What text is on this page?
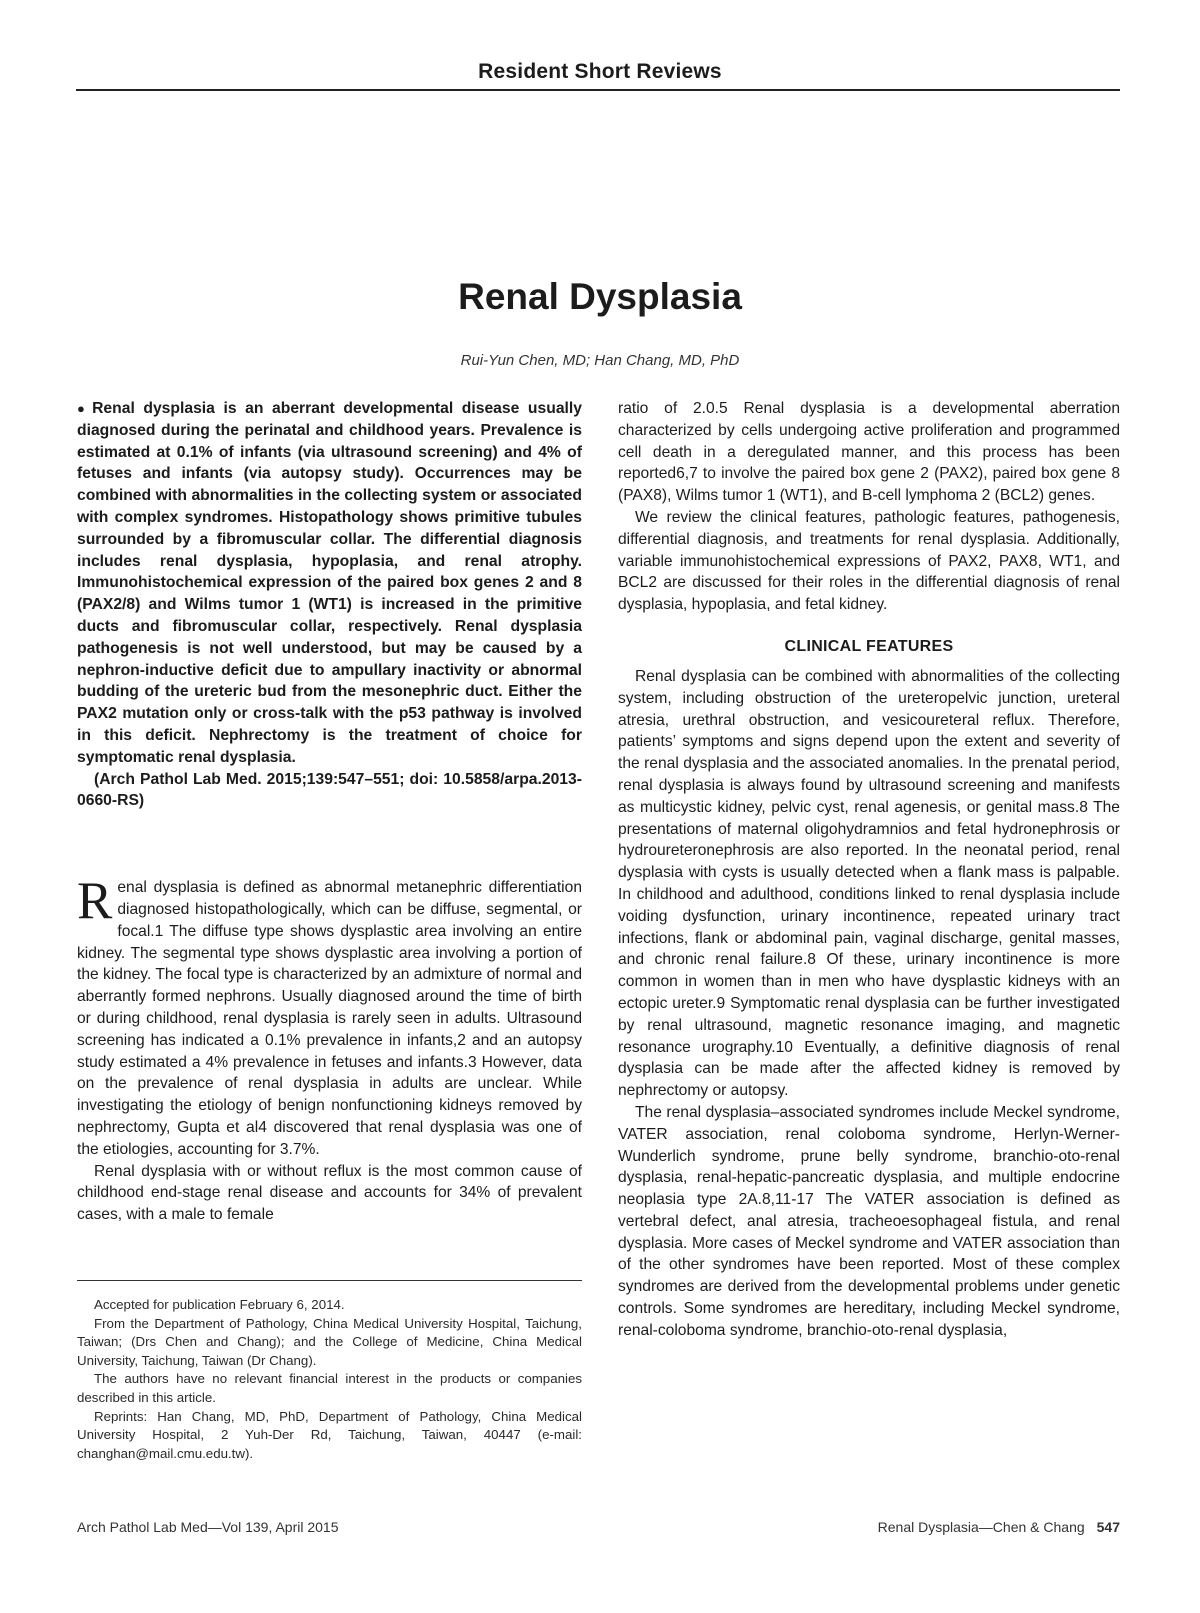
Resident Short Reviews
Renal Dysplasia
Rui-Yun Chen, MD; Han Chang, MD, PhD

● Renal dysplasia is an aberrant developmental disease usually diagnosed during the perinatal and childhood years. Prevalence is estimated at 0.1% of infants (via ultrasound screening) and 4% of fetuses and infants (via autopsy study). Occurrences may be combined with abnormalities in the collecting system or associated with complex syndromes. Histopathology shows primitive tubules surrounded by a fibromuscular collar. The differential diagnosis includes renal dysplasia, hypoplasia, and renal atrophy. Immunohistochemical expression of the paired box genes 2 and 8 (PAX2/8) and Wilms tumor 1 (WT1) is increased in the primitive ducts and fibromuscular collar, respectively. Renal dysplasia pathogenesis is not well understood, but may be caused by a nephron-inductive deficit due to ampullary inactivity or abnormal budding of the ureteric bud from the mesonephric duct. Either the PAX2 mutation only or cross-talk with the p53 pathway is involved in this deficit. Nephrectomy is the treatment of choice for symptomatic renal dysplasia.

(Arch Pathol Lab Med. 2015;139:547–551; doi: 10.5858/arpa.2013-0660-RS)

Renal dysplasia is defined as abnormal metanephric differentiation diagnosed histopathologically, which can be diffuse, segmental, or focal.1 The diffuse type shows dysplastic area involving an entire kidney. The segmental type shows dysplastic area involving a portion of the kidney. The focal type is characterized by an admixture of normal and aberrantly formed nephrons. Usually diagnosed around the time of birth or during childhood, renal dysplasia is rarely seen in adults. Ultrasound screening has indicated a 0.1% prevalence in infants,2 and an autopsy study estimated a 4% prevalence in fetuses and infants.3 However, data on the prevalence of renal dysplasia in adults are unclear. While investigating the etiology of benign nonfunctioning kidneys removed by nephrectomy, Gupta et al4 discovered that renal dysplasia was one of the etiologies, accounting for 3.7%.

Renal dysplasia with or without reflux is the most common cause of childhood end-stage renal disease and accounts for 34% of prevalent cases, with a male to female

Accepted for publication February 6, 2014.

From the Department of Pathology, China Medical University Hospital, Taichung, Taiwan; (Drs Chen and Chang); and the College of Medicine, China Medical University, Taichung, Taiwan (Dr Chang).

The authors have no relevant financial interest in the products or companies described in this article.

Reprints: Han Chang, MD, PhD, Department of Pathology, China Medical University Hospital, 2 Yuh-Der Rd, Taichung, Taiwan, 40447 (e-mail: changhan@mail.cmu.edu.tw).

ratio of 2.0.5 Renal dysplasia is a developmental aberration characterized by cells undergoing active proliferation and programmed cell death in a deregulated manner, and this process has been reported6,7 to involve the paired box gene 2 (PAX2), paired box gene 8 (PAX8), Wilms tumor 1 (WT1), and B-cell lymphoma 2 (BCL2) genes.

We review the clinical features, pathologic features, pathogenesis, differential diagnosis, and treatments for renal dysplasia. Additionally, variable immunohistochemical expressions of PAX2, PAX8, WT1, and BCL2 are discussed for their roles in the differential diagnosis of renal dysplasia, hypoplasia, and fetal kidney.

CLINICAL FEATURES

Renal dysplasia can be combined with abnormalities of the collecting system, including obstruction of the ureteropelvic junction, ureteral atresia, urethral obstruction, and vesicoureteral reflux. Therefore, patients’ symptoms and signs depend upon the extent and severity of the renal dysplasia and the associated anomalies. In the prenatal period, renal dysplasia is always found by ultrasound screening and manifests as multicystic kidney, pelvic cyst, renal agenesis, or genital mass.8 The presentations of maternal oligohydramnios and fetal hydronephrosis or hydroureteronephrosis are also reported. In the neonatal period, renal dysplasia with cysts is usually detected when a flank mass is palpable. In childhood and adulthood, conditions linked to renal dysplasia include voiding dysfunction, urinary incontinence, repeated urinary tract infections, flank or abdominal pain, vaginal discharge, genital masses, and chronic renal failure.8 Of these, urinary incontinence is more common in women than in men who have dysplastic kidneys with an ectopic ureter.9 Symptomatic renal dysplasia can be further investigated by renal ultrasound, magnetic resonance imaging, and magnetic resonance urography.10 Eventually, a definitive diagnosis of renal dysplasia can be made after the affected kidney is removed by nephrectomy or autopsy.

The renal dysplasia–associated syndromes include Meckel syndrome, VATER association, renal coloboma syndrome, Herlyn-Werner-Wunderlich syndrome, prune belly syndrome, branchio-oto-renal dysplasia, renal-hepatic-pancreatic dysplasia, and multiple endocrine neoplasia type 2A.8,11-17 The VATER association is defined as vertebral defect, anal atresia, tracheoesophageal fistula, and renal dysplasia. More cases of Meckel syndrome and VATER association than of the other syndromes have been reported. Most of these complex syndromes are derived from the developmental problems under genetic controls. Some syndromes are hereditary, including Meckel syndrome, renal-coloboma syndrome, branchio-oto-renal dysplasia,

Arch Pathol Lab Med—Vol 139, April 2015	Renal Dysplasia—Chen & Chang 547
